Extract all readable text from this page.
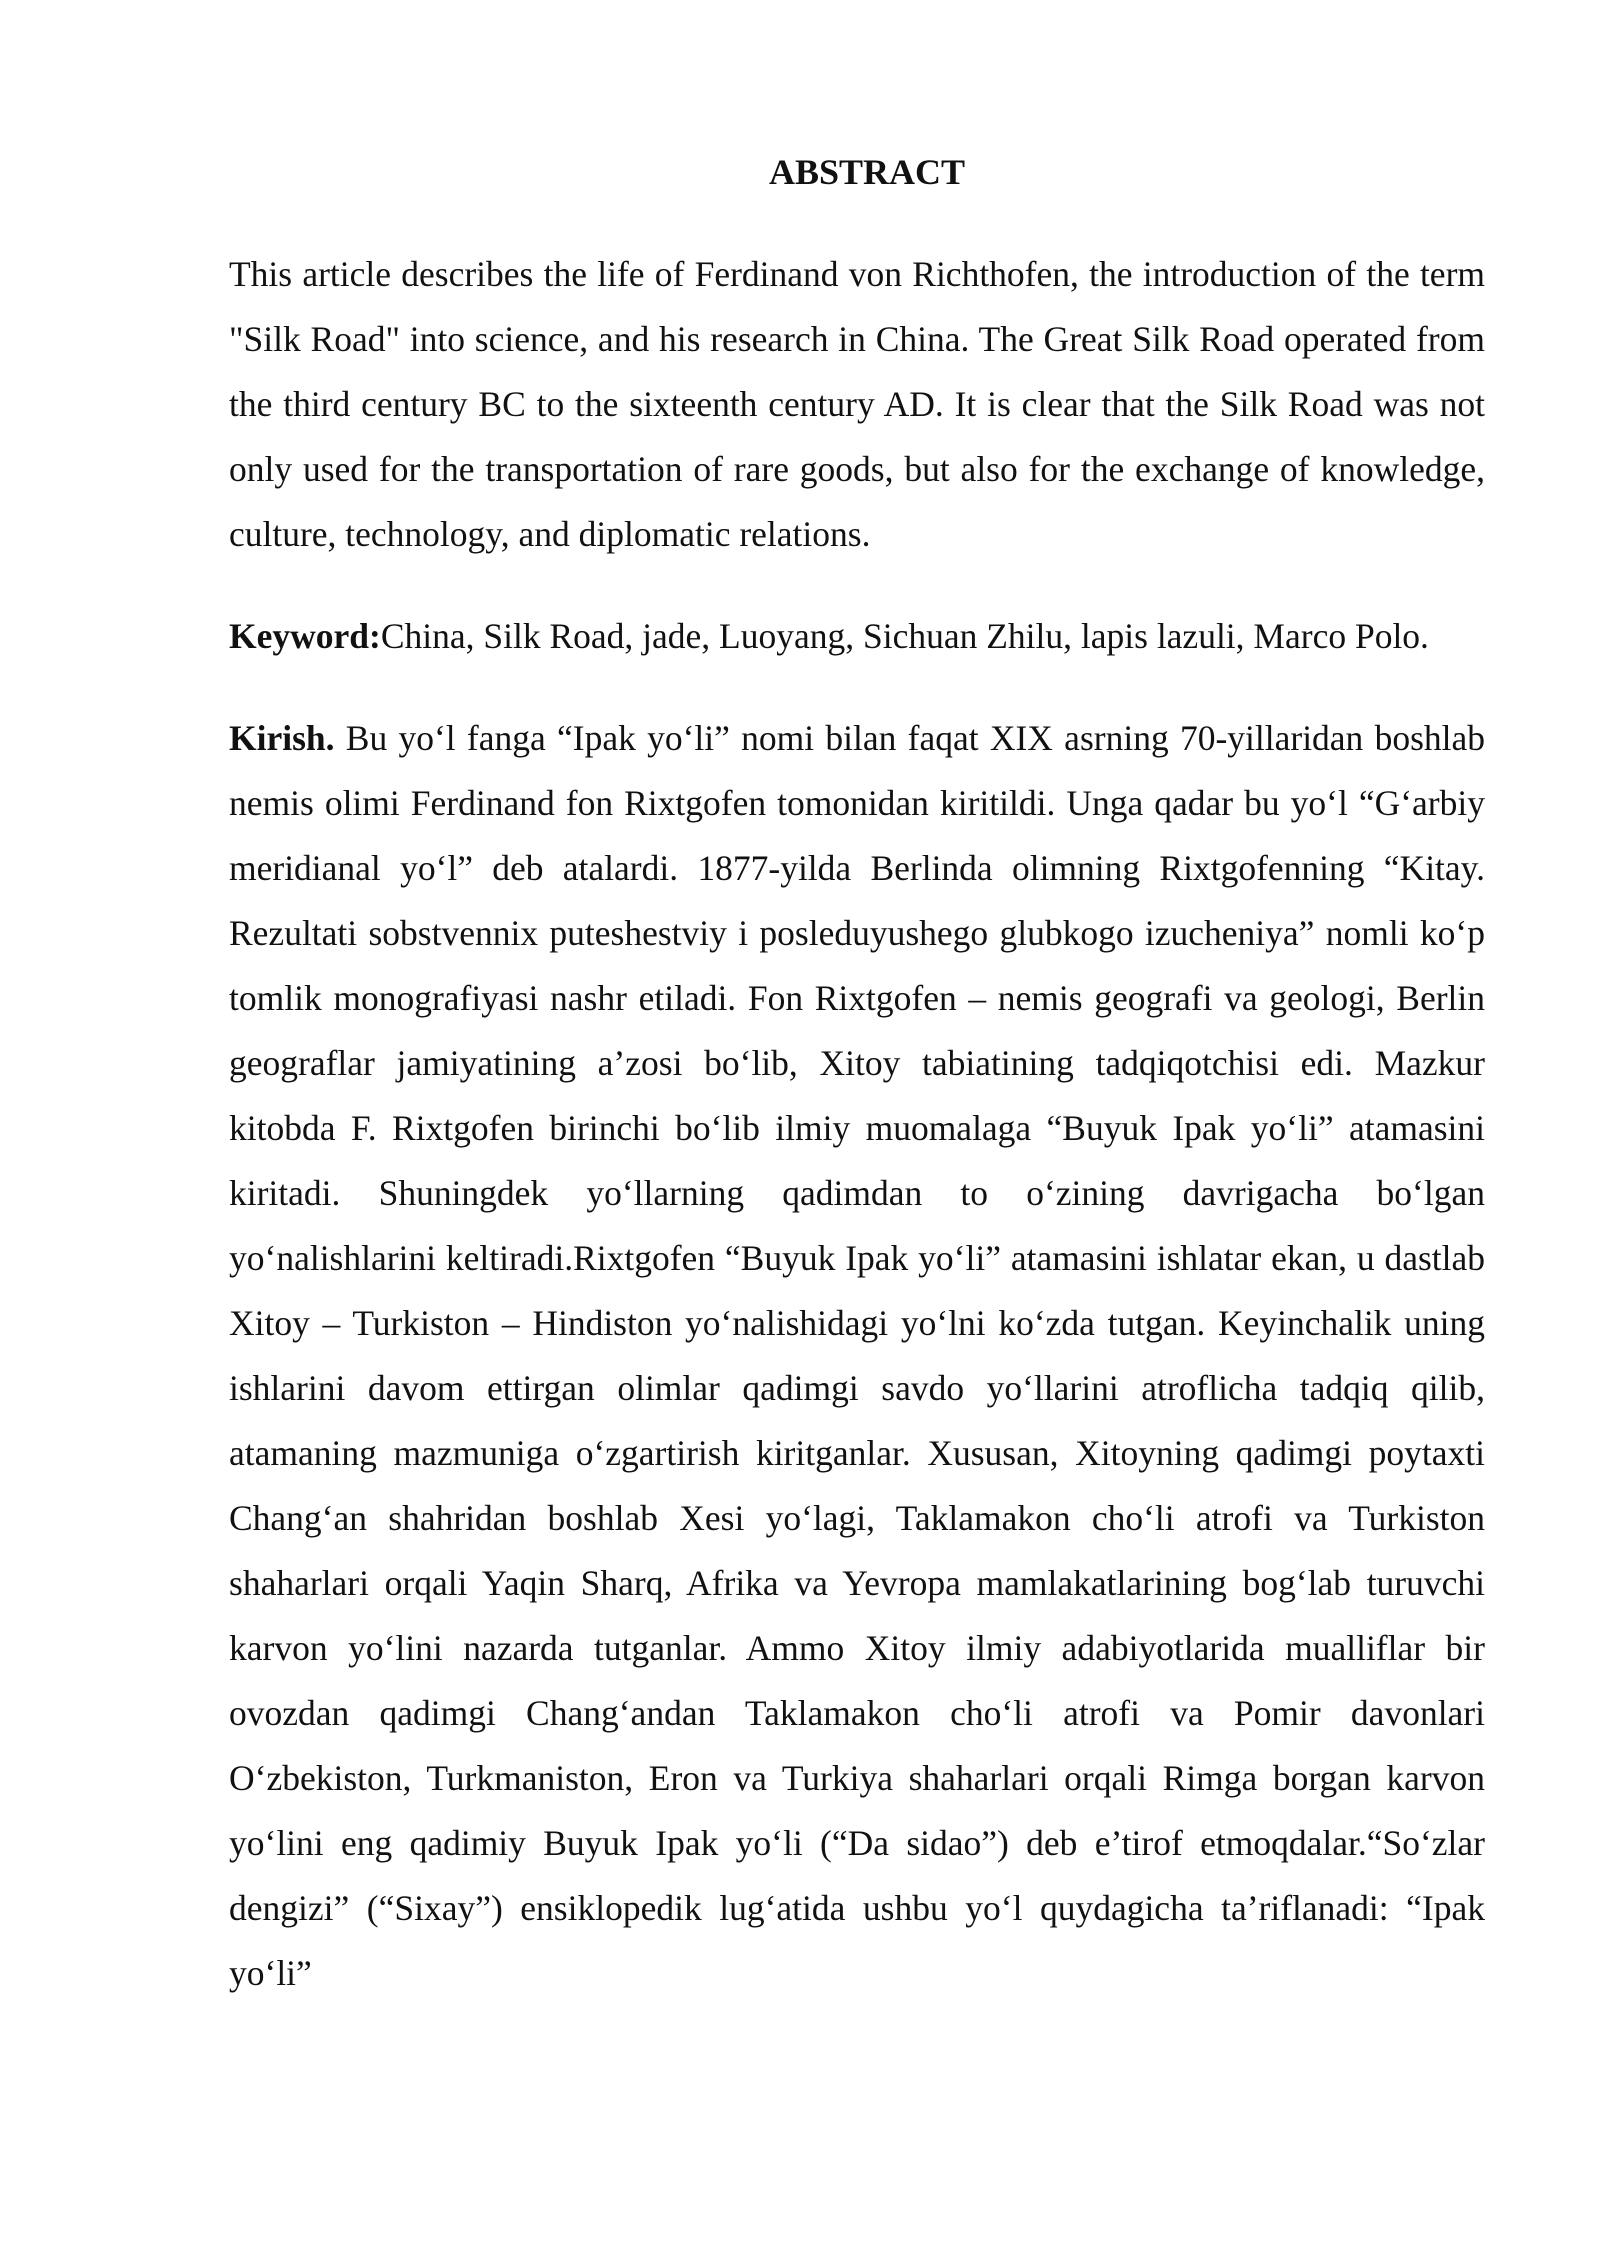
ABSTRACT

This article describes the life of Ferdinand von Richthofen, the introduction of the term "Silk Road" into science, and his research in China. The Great Silk Road operated from the third century BC to the sixteenth century AD. It is clear that the Silk Road was not only used for the transportation of rare goods, but also for the exchange of knowledge, culture, technology, and diplomatic relations.

Keyword:China, Silk Road, jade, Luoyang, Sichuan Zhilu, lapis lazuli, Marco Polo.

Kirish. Bu yo‘l fanga “Ipak yo‘li” nomi bilan faqat XIX asrning 70-yillaridan boshlab nemis olimi Ferdinand fon Rixtgofen tomonidan kiritildi. Unga qadar bu yo‘l “G‘arbiy meridianal yo‘l” deb atalardi. 1877-yilda Berlinda olimning Rixtgofenning “Kitay. Rezultati sobstvennix puteshestviy i posleduyushego glubkogo izucheniya” nomli ko‘p tomlik monografiyasi nashr etiladi. Fon Rixtgofen – nemis geografi va geologi, Berlin geograflar jamiyatining a’zosi bo‘lib, Xitoy tabiatining tadqiqotchisi edi. Mazkur kitobda F. Rixtgofen birinchi bo‘lib ilmiy muomalaga “Buyuk Ipak yo‘li” atamasini kiritadi. Shuningdek yo‘llarning qadimdan to o‘zining davrigacha bo‘lgan yo‘nalishlarini keltiradi.Rixtgofen “Buyuk Ipak yo‘li” atamasini ishlatar ekan, u dastlab Xitoy – Turkiston – Hindiston yo‘nalishidagi yo‘lni ko‘zda tutgan. Keyinchalik uning ishlarini davom ettirgan olimlar qadimgi savdo yo‘llarini atroflicha tadqiq qilib, atamaning mazmuniga o‘zgartirish kiritganlar. Xususan, Xitoyning qadimgi poytaxti Chang‘an shahridan boshlab Xesi yo‘lagi, Taklamakon cho‘li atrofi va Turkiston shaharlari orqali Yaqin Sharq, Afrika va Yevropa mamlakatlarining bog‘lab turuvchi karvon yo‘lini nazarda tutganlar. Ammo Xitoy ilmiy adabiyotlarida mualliflar bir ovozdan qadimgi Chang‘andan Taklamakon cho‘li atrofi va Pomir davonlari O‘zbekiston, Turkmaniston, Eron va Turkiya shaharlari orqali Rimga borgan karvon yo‘lini eng qadimiy Buyuk Ipak yo‘li (“Da sidao”) deb e’tirof etmoqdalar.“So‘zlar dengizi” (“Sixay”) ensiklopedik lug‘atida ushbu yo‘l quydagicha ta’riflanadi: “Ipak yo‘li”
